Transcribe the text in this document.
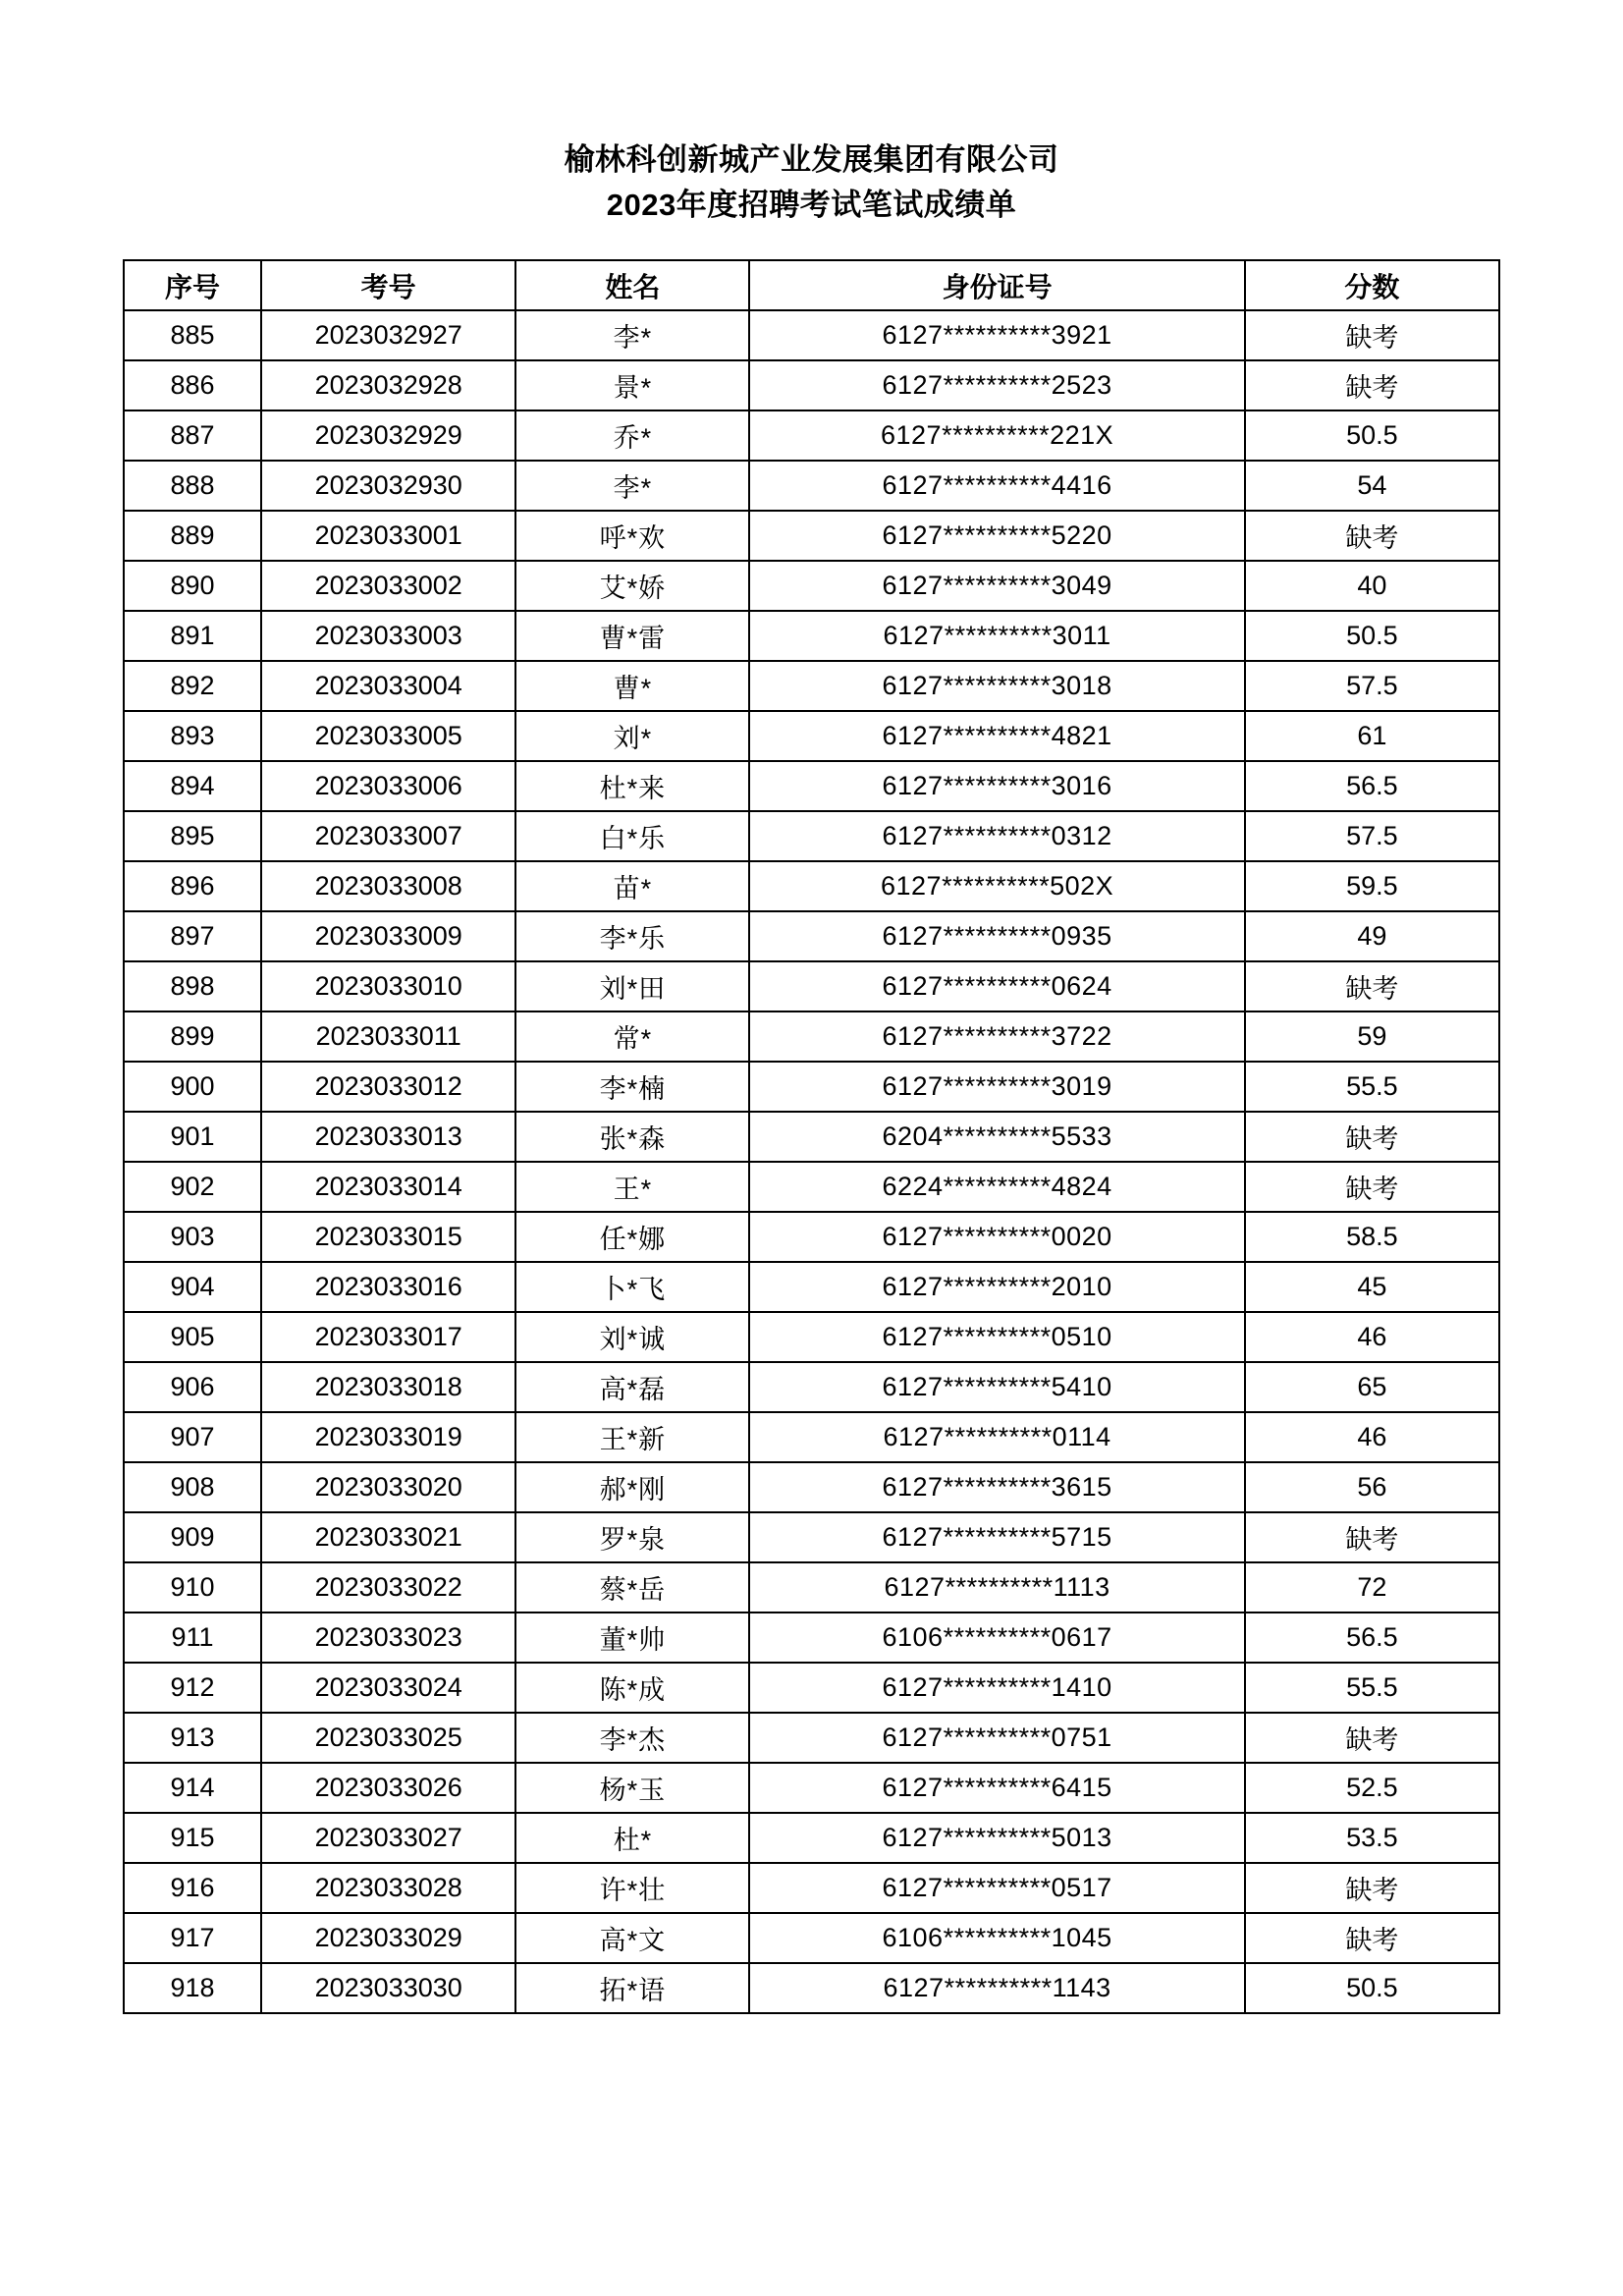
榆林科创新城产业发展集团有限公司
2023年度招聘考试笔试成绩单
序号	考号	姓名	身份证号	分数
885	2023032927	李*	6127**********3921	缺考
886	2023032928	景*	6127**********2523	缺考
887	2023032929	乔*	6127**********221X	50.5
888	2023032930	李*	6127**********4416	54
889	2023033001	呼*欢	6127**********5220	缺考
890	2023033002	艾*娇	6127**********3049	40
891	2023033003	曹*雷	6127**********3011	50.5
892	2023033004	曹*	6127**********3018	57.5
893	2023033005	刘*	6127**********4821	61
894	2023033006	杜*来	6127**********3016	56.5
895	2023033007	白*乐	6127**********0312	57.5
896	2023033008	苗*	6127**********502X	59.5
897	2023033009	李*乐	6127**********0935	49
898	2023033010	刘*田	6127**********0624	缺考
899	2023033011	常*	6127**********3722	59
900	2023033012	李*楠	6127**********3019	55.5
901	2023033013	张*森	6204**********5533	缺考
902	2023033014	王*	6224**********4824	缺考
903	2023033015	任*娜	6127**********0020	58.5
904	2023033016	卜*飞	6127**********2010	45
905	2023033017	刘*诚	6127**********0510	46
906	2023033018	高*磊	6127**********5410	65
907	2023033019	王*新	6127**********0114	46
908	2023033020	郝*刚	6127**********3615	56
909	2023033021	罗*泉	6127**********5715	缺考
910	2023033022	蔡*岳	6127**********1113	72
911	2023033023	董*帅	6106**********0617	56.5
912	2023033024	陈*成	6127**********1410	55.5
913	2023033025	李*杰	6127**********0751	缺考
914	2023033026	杨*玉	6127**********6415	52.5
915	2023033027	杜*	6127**********5013	53.5
916	2023033028	许*壮	6127**********0517	缺考
917	2023033029	高*文	6106**********1045	缺考
918	2023033030	拓*语	6127**********1143	50.5
